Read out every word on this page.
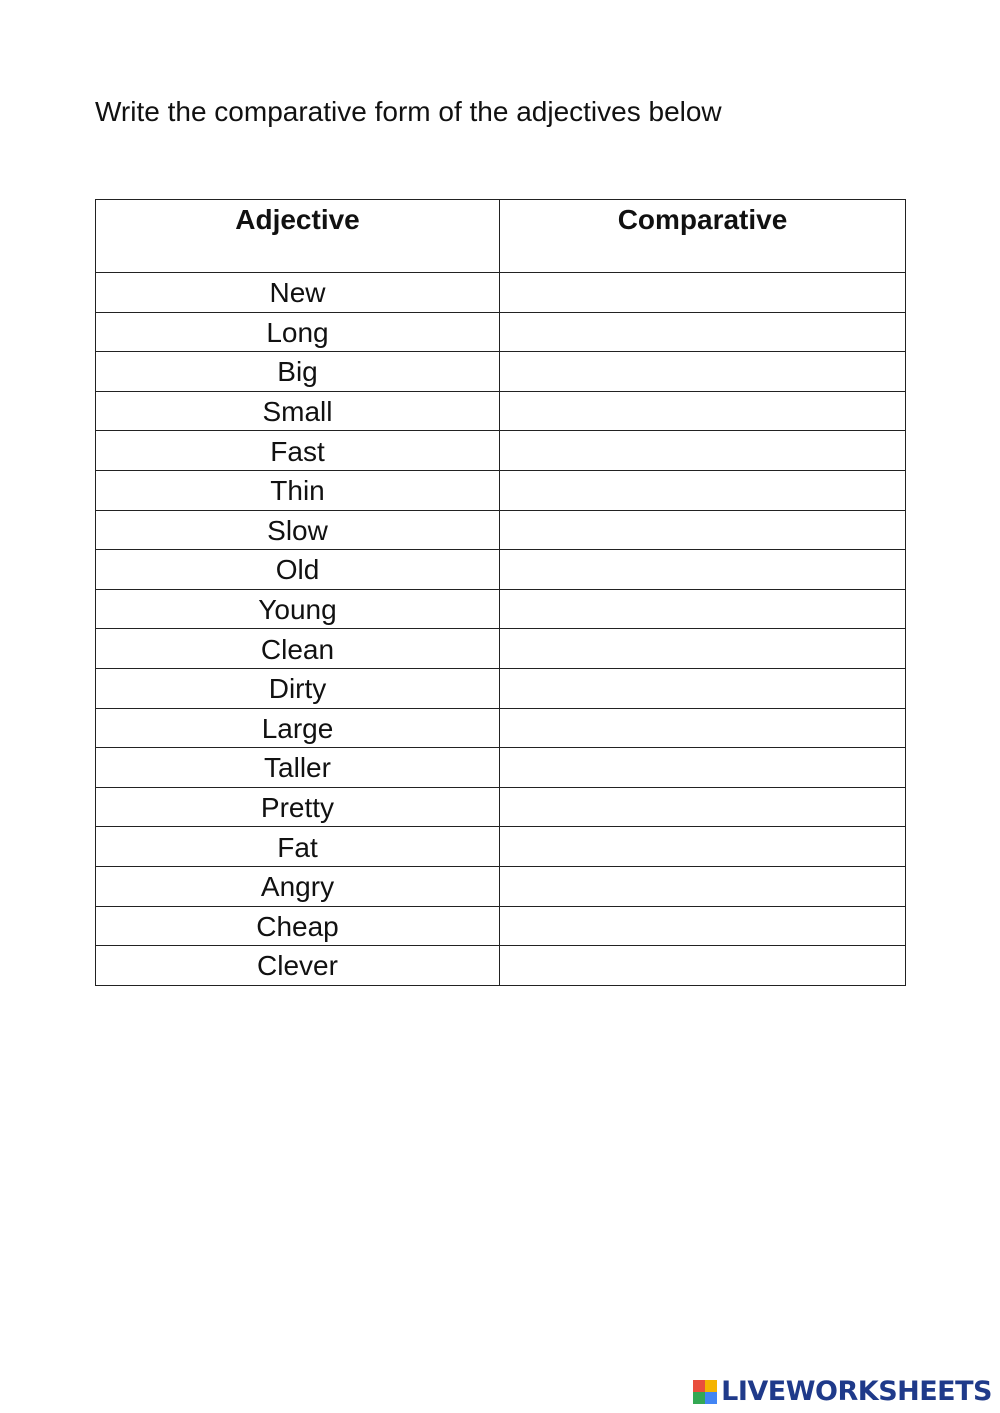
Write the comparative form of the adjectives below
Adjective	Comparative
New	
Long	
Big	
Small	
Fast	
Thin	
Slow	
Old	
Young	
Clean	
Dirty	
Large	
Taller	
Pretty	
Fat	
Angry	
Cheap	
Clever	
LIVEWORKSHEETS
